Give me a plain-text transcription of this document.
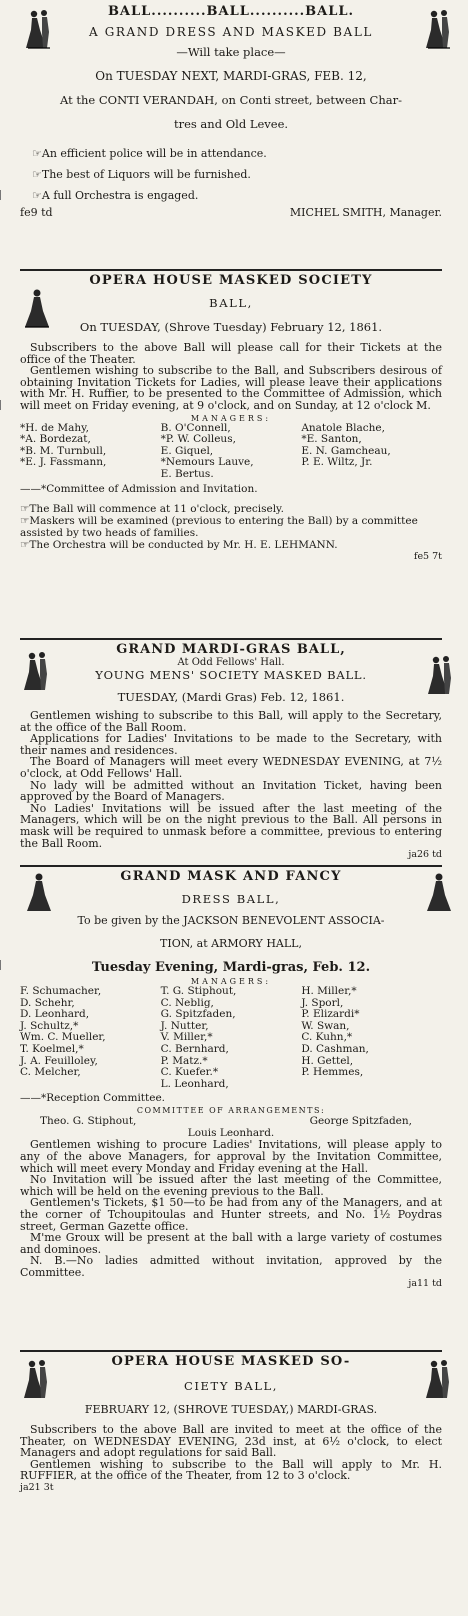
BALL..........BALL..........BALL.
A GRAND DRESS AND MASKED BALL
—Will take place—
On TUESDAY NEXT, MARDI-GRAS, FEB. 12,
At the CONTI VERANDAH, on Conti street, between Char-
tres and Old Levee.

☞An efficient police will be in attendance.

☞The best of Liquors will be furnished.

☞A full Orchestra is engaged.

fe9 td	MICHEL SMITH, Manager.
OPERA HOUSE MASKED SOCIETY
BALL,
On TUESDAY, (Shrove Tuesday) February 12, 1861.

Subscribers to the above Ball will please call for their Tickets at the office of the Theater.

Gentlemen wishing to subscribe to the Ball, and Subscribers desirous of obtaining Invitation Tickets for Ladies, will please leave their applications with Mr. H. Ruffier, to be presented to the Committee of Admission, which will meet on Friday evening, at 9 o'clock, and on Sunday, at 12 o'clock M.

MANAGERS:
*H. de Mahy,	B. O'Connell,	Anatole Blache,
*A. Bordezat,	*P. W. Colleus,	*E. Santon,
*B. M. Turnbull,	E. Giquel,	E. N. Gamcheau,
*E. J. Fassmann,	*Nemours Lauve,	P. E. Wiltz, Jr.
E. Bertus.

——*Committee of Admission and Invitation.

☞The Ball will commence at 11 o'clock, precisely.

☞Maskers will be examined (previous to entering the Ball) by a committee assisted by two heads of families.

☞The Orchestra will be conducted by Mr. H. E. LEHMANN.

fe5 7t
GRAND MARDI-GRAS BALL,
At Odd Fellows' Hall.
YOUNG MENS' SOCIETY MASKED BALL.
TUESDAY, (Mardi Gras) Feb. 12, 1861.

Gentlemen wishing to subscribe to this Ball, will apply to the Secretary, at the office of the Ball Room.

Applications for Ladies' Invitations to be made to the Secretary, with their names and residences.

The Board of Managers will meet every WEDNESDAY EVENING, at 7½ o'clock, at Odd Fellows' Hall.

No lady will be admitted without an Invitation Ticket, having been approved by the Board of Managers.

No Ladies' Invitations will be issued after the last meeting of the Managers, which will be on the night previous to the Ball. All persons in mask will be required to unmask before a committee, previous to entering the Ball Room.

ja26 td
GRAND MASK AND FANCY
DRESS BALL,
To be given by the JACKSON BENEVOLENT ASSOCIA-
TION, at ARMORY HALL,
Tuesday Evening, Mardi-gras, Feb. 12.
MANAGERS:
F. Schumacher,	T. G. Stiphout,	H. Miller,*
D. Schehr,	C. Neblig,	J. Sporl,
D. Leonhard,	G. Spitzfaden,	P. Elizardi*
J. Schultz,*	J. Nutter,	W. Swan,
Wm. C. Mueller,	V. Miller,*	C. Kuhn,*
T. Koelmel,*	C. Bernhard,	D. Cashman,
J. A. Feuilloley,	P. Matz.*	H. Gettel,
C. Melcher,	C. Kuefer.*	P. Hemmes,
L. Leonhard,

——*Reception Committee.

COMMITTEE OF ARRANGEMENTS:
Theo. G. Stiphout,	George Spitzfaden,
Louis Leonhard.

Gentlemen wishing to procure Ladies' Invitations, will please apply to any of the above Managers, for approval by the Invitation Committee, which will meet every Monday and Friday evening at the Hall.

No Invitation will be issued after the last meeting of the Committee, which will be held on the evening previous to the Ball.

Gentlemen's Tickets, $1 50—to be had from any of the Managers, and at the corner of Tchoupitoulas and Hunter streets, and No. 1½ Poydras street, German Gazette office.

M'me Groux will be present at the ball with a large variety of costumes and dominoes.

N. B.—No ladies admitted without invitation, approved by the Committee.

ja11 td
OPERA HOUSE MASKED SO-
CIETY BALL,
FEBRUARY 12, (SHROVE TUESDAY,) MARDI-GRAS.

Subscribers to the above Ball are invited to meet at the office of the Theater, on WEDNESDAY EVENING, 23d inst, at 6½ o'clock, to elect Managers and adopt regulations for said Ball.

Gentlemen wishing to subscribe to the Ball will apply to Mr. H. RUFFIER, at the office of the Theater, from 12 to 3 o'clock.

ja21 3t
